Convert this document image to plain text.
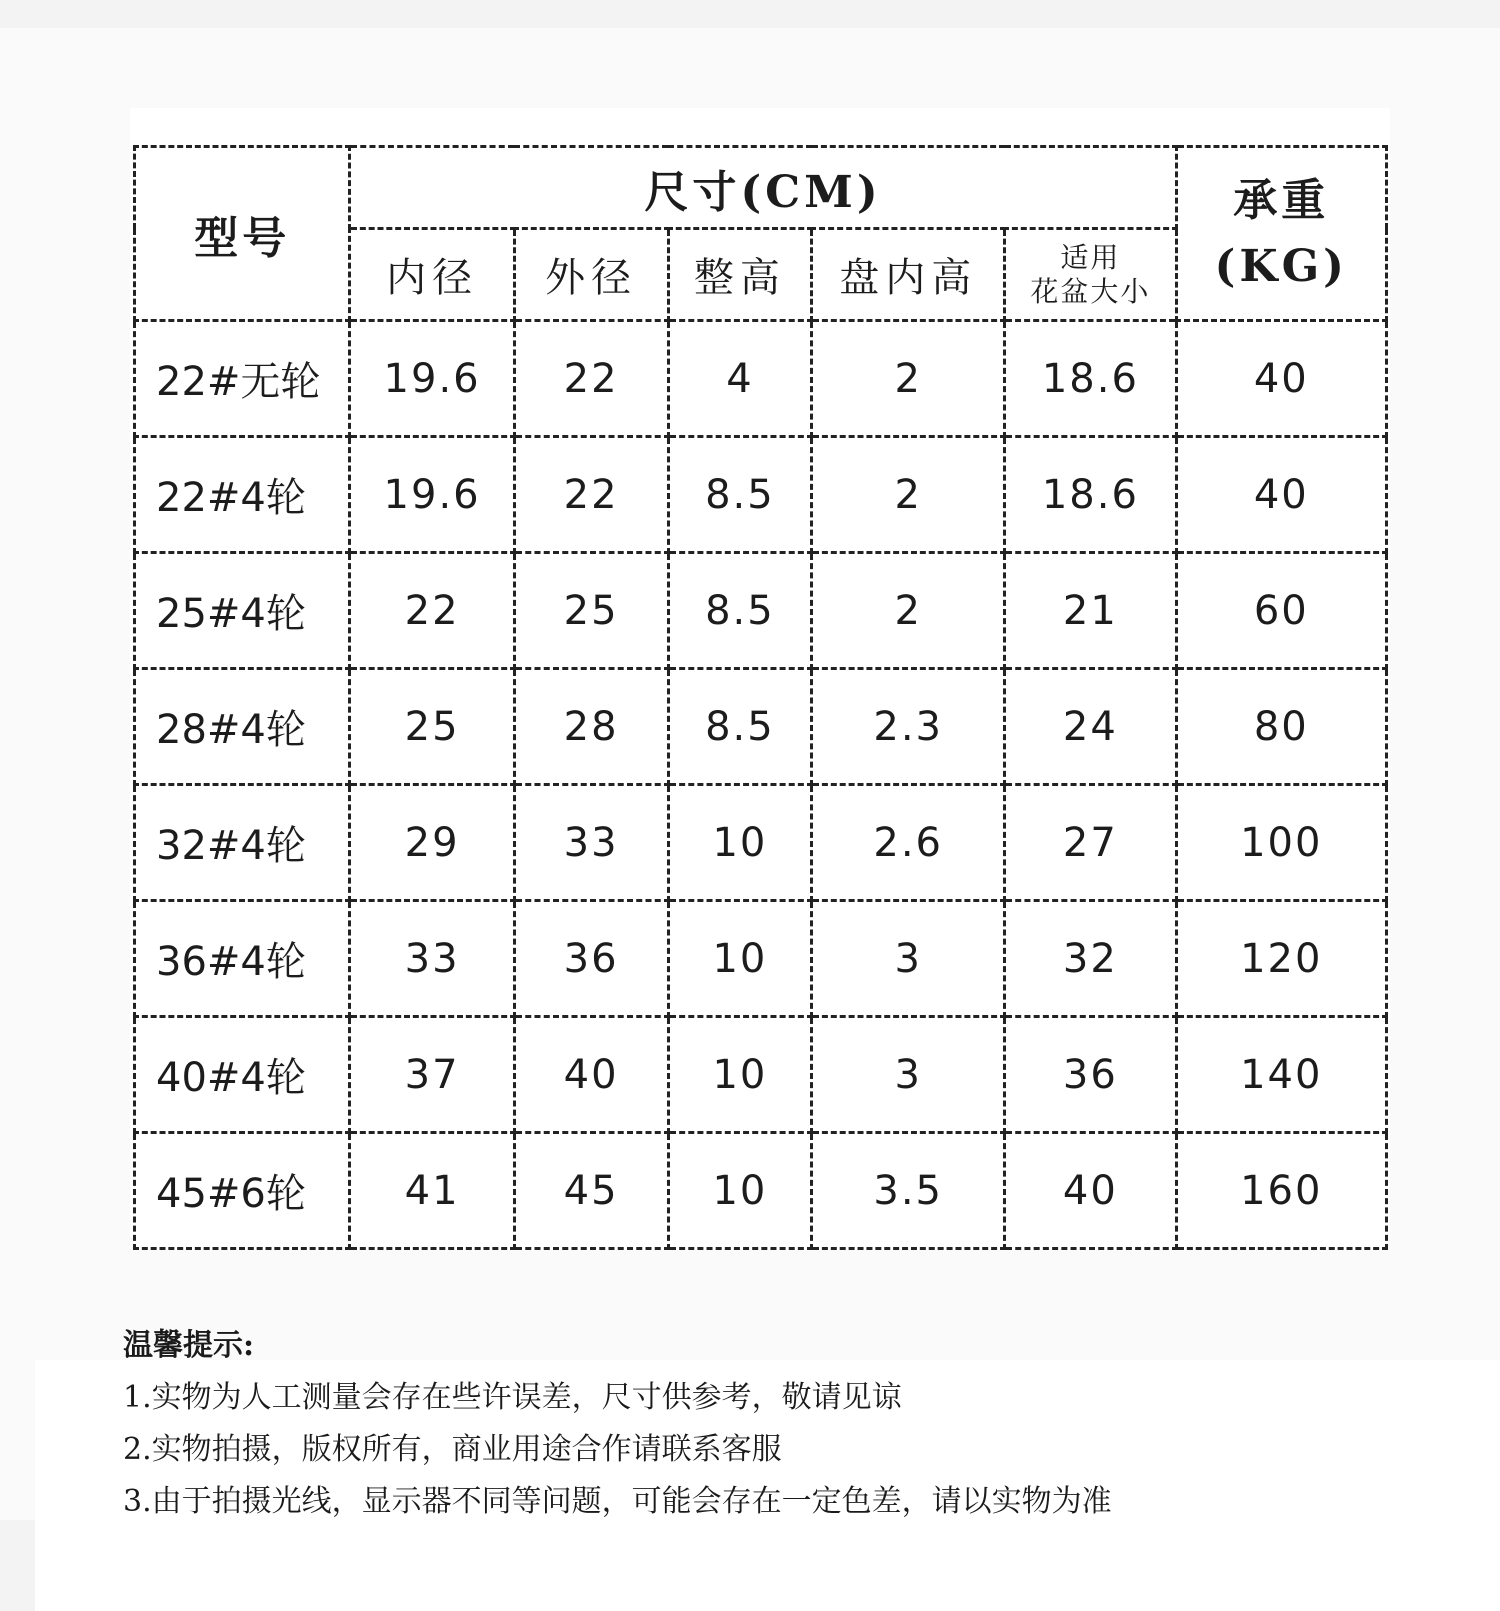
型号	尺寸(CM)					承重
(KG)

	内径	外径	整高	盘内高	适用
花盆大小	

22#无轮	19.6	22	4	2	18.6	40
22#4轮	19.6	22	8.5	2	18.6	40
25#4轮	22	25	8.5	2	21	60
28#4轮	25	28	8.5	2.3	24	80
32#4轮	29	33	10	2.6	27	100
36#4轮	33	36	10	3	32	120
40#4轮	37	40	10	3	36	140
45#6轮	41	45	10	3.5	40	160
温馨提示:
1.实物为人工测量会存在些许误差，尺寸供参考，敬请见谅
2.实物拍摄，版权所有，商业用途合作请联系客服
3.由于拍摄光线，显示器不同等问题，可能会存在一定色差，请以实物为准
